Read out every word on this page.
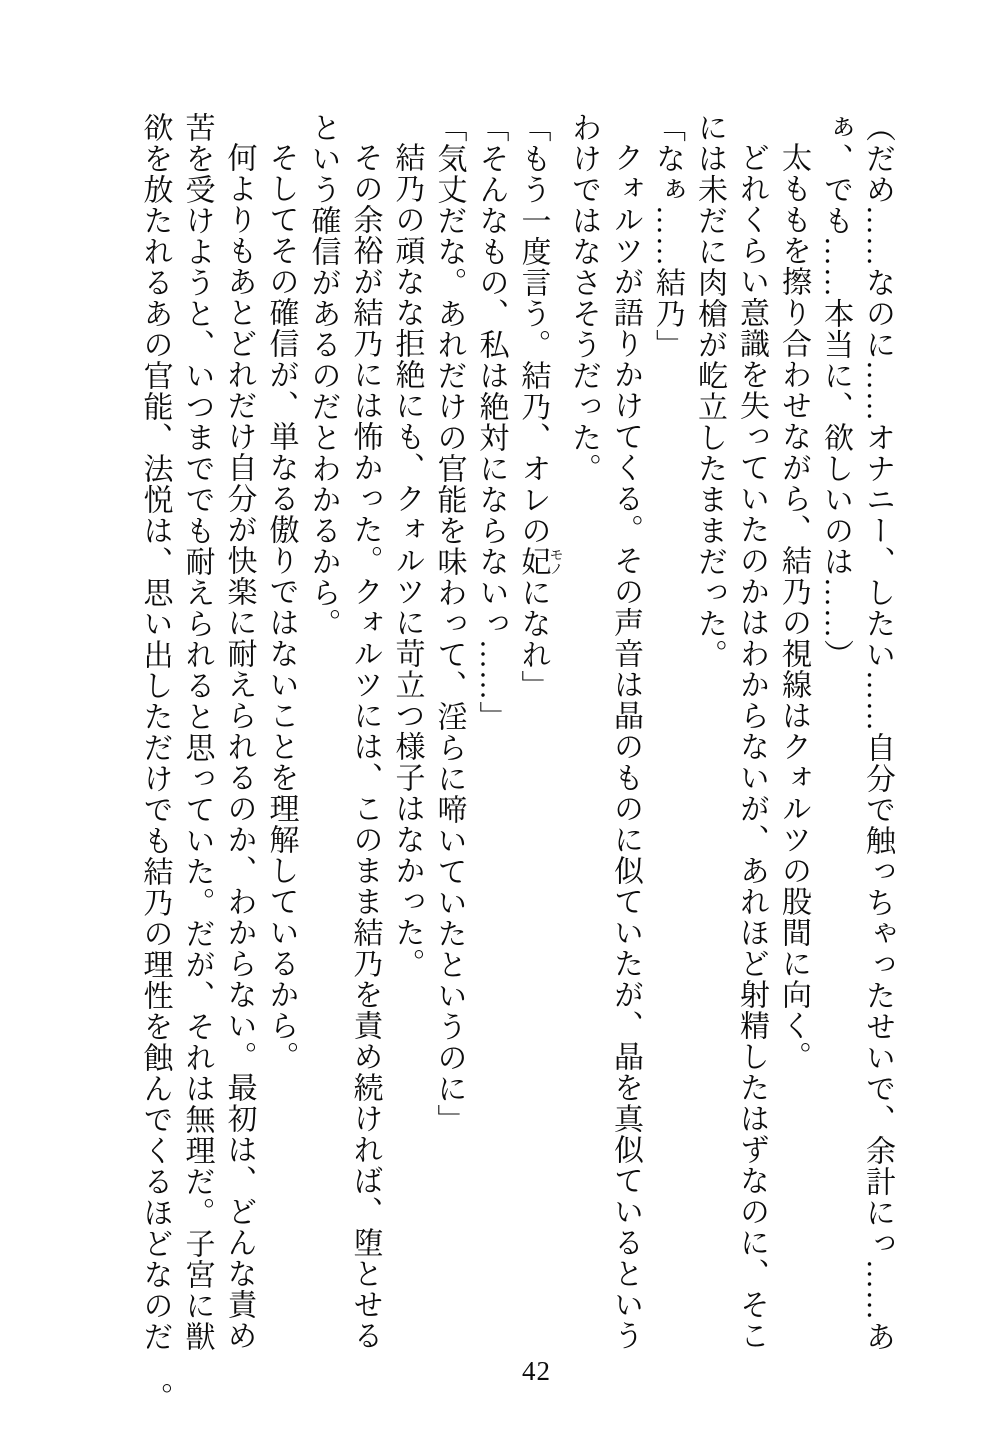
（だめ……なのに……オナニー、したい……自分で触っちゃったせいで、余計にっ……あぁ、でも……本当に、欲しいのは……）

太ももを擦り合わせながら、結乃の視線はクォルツの股間に向く。

どれくらい意識を失っていたのかはわからないが、あれほど射精したはずなのに、そこには未だに肉槍が屹立したままだった。

「なぁ……結乃」

クォルツが語りかけてくる。その声音は晶のものに似ていたが、晶を真似ているというわけではなさそうだった。

「もう一度言う。結乃、オレの妃モノになれ」

「そんなもの、私は絶対にならないっ……」

「気丈だな。あれだけの官能を味わって、淫らに啼いていたというのに」

結乃の頑なな拒絶にも、クォルツに苛立つ様子はなかった。

その余裕が結乃には怖かった。クォルツには、このまま結乃を責め続ければ、堕とせるという確信があるのだとわかるから。

そしてその確信が、単なる傲りではないことを理解しているから。

何よりもあとどれだけ自分が快楽に耐えられるのか、わからない。最初は、どんな責め苦を受けようと、いつまででも耐えられると思っていた。だが、それは無理だ。子宮に獣欲を放たれるあの官能、法悦は、思い出しただけでも結乃の理性を蝕んでくるほどなのだ。

42
